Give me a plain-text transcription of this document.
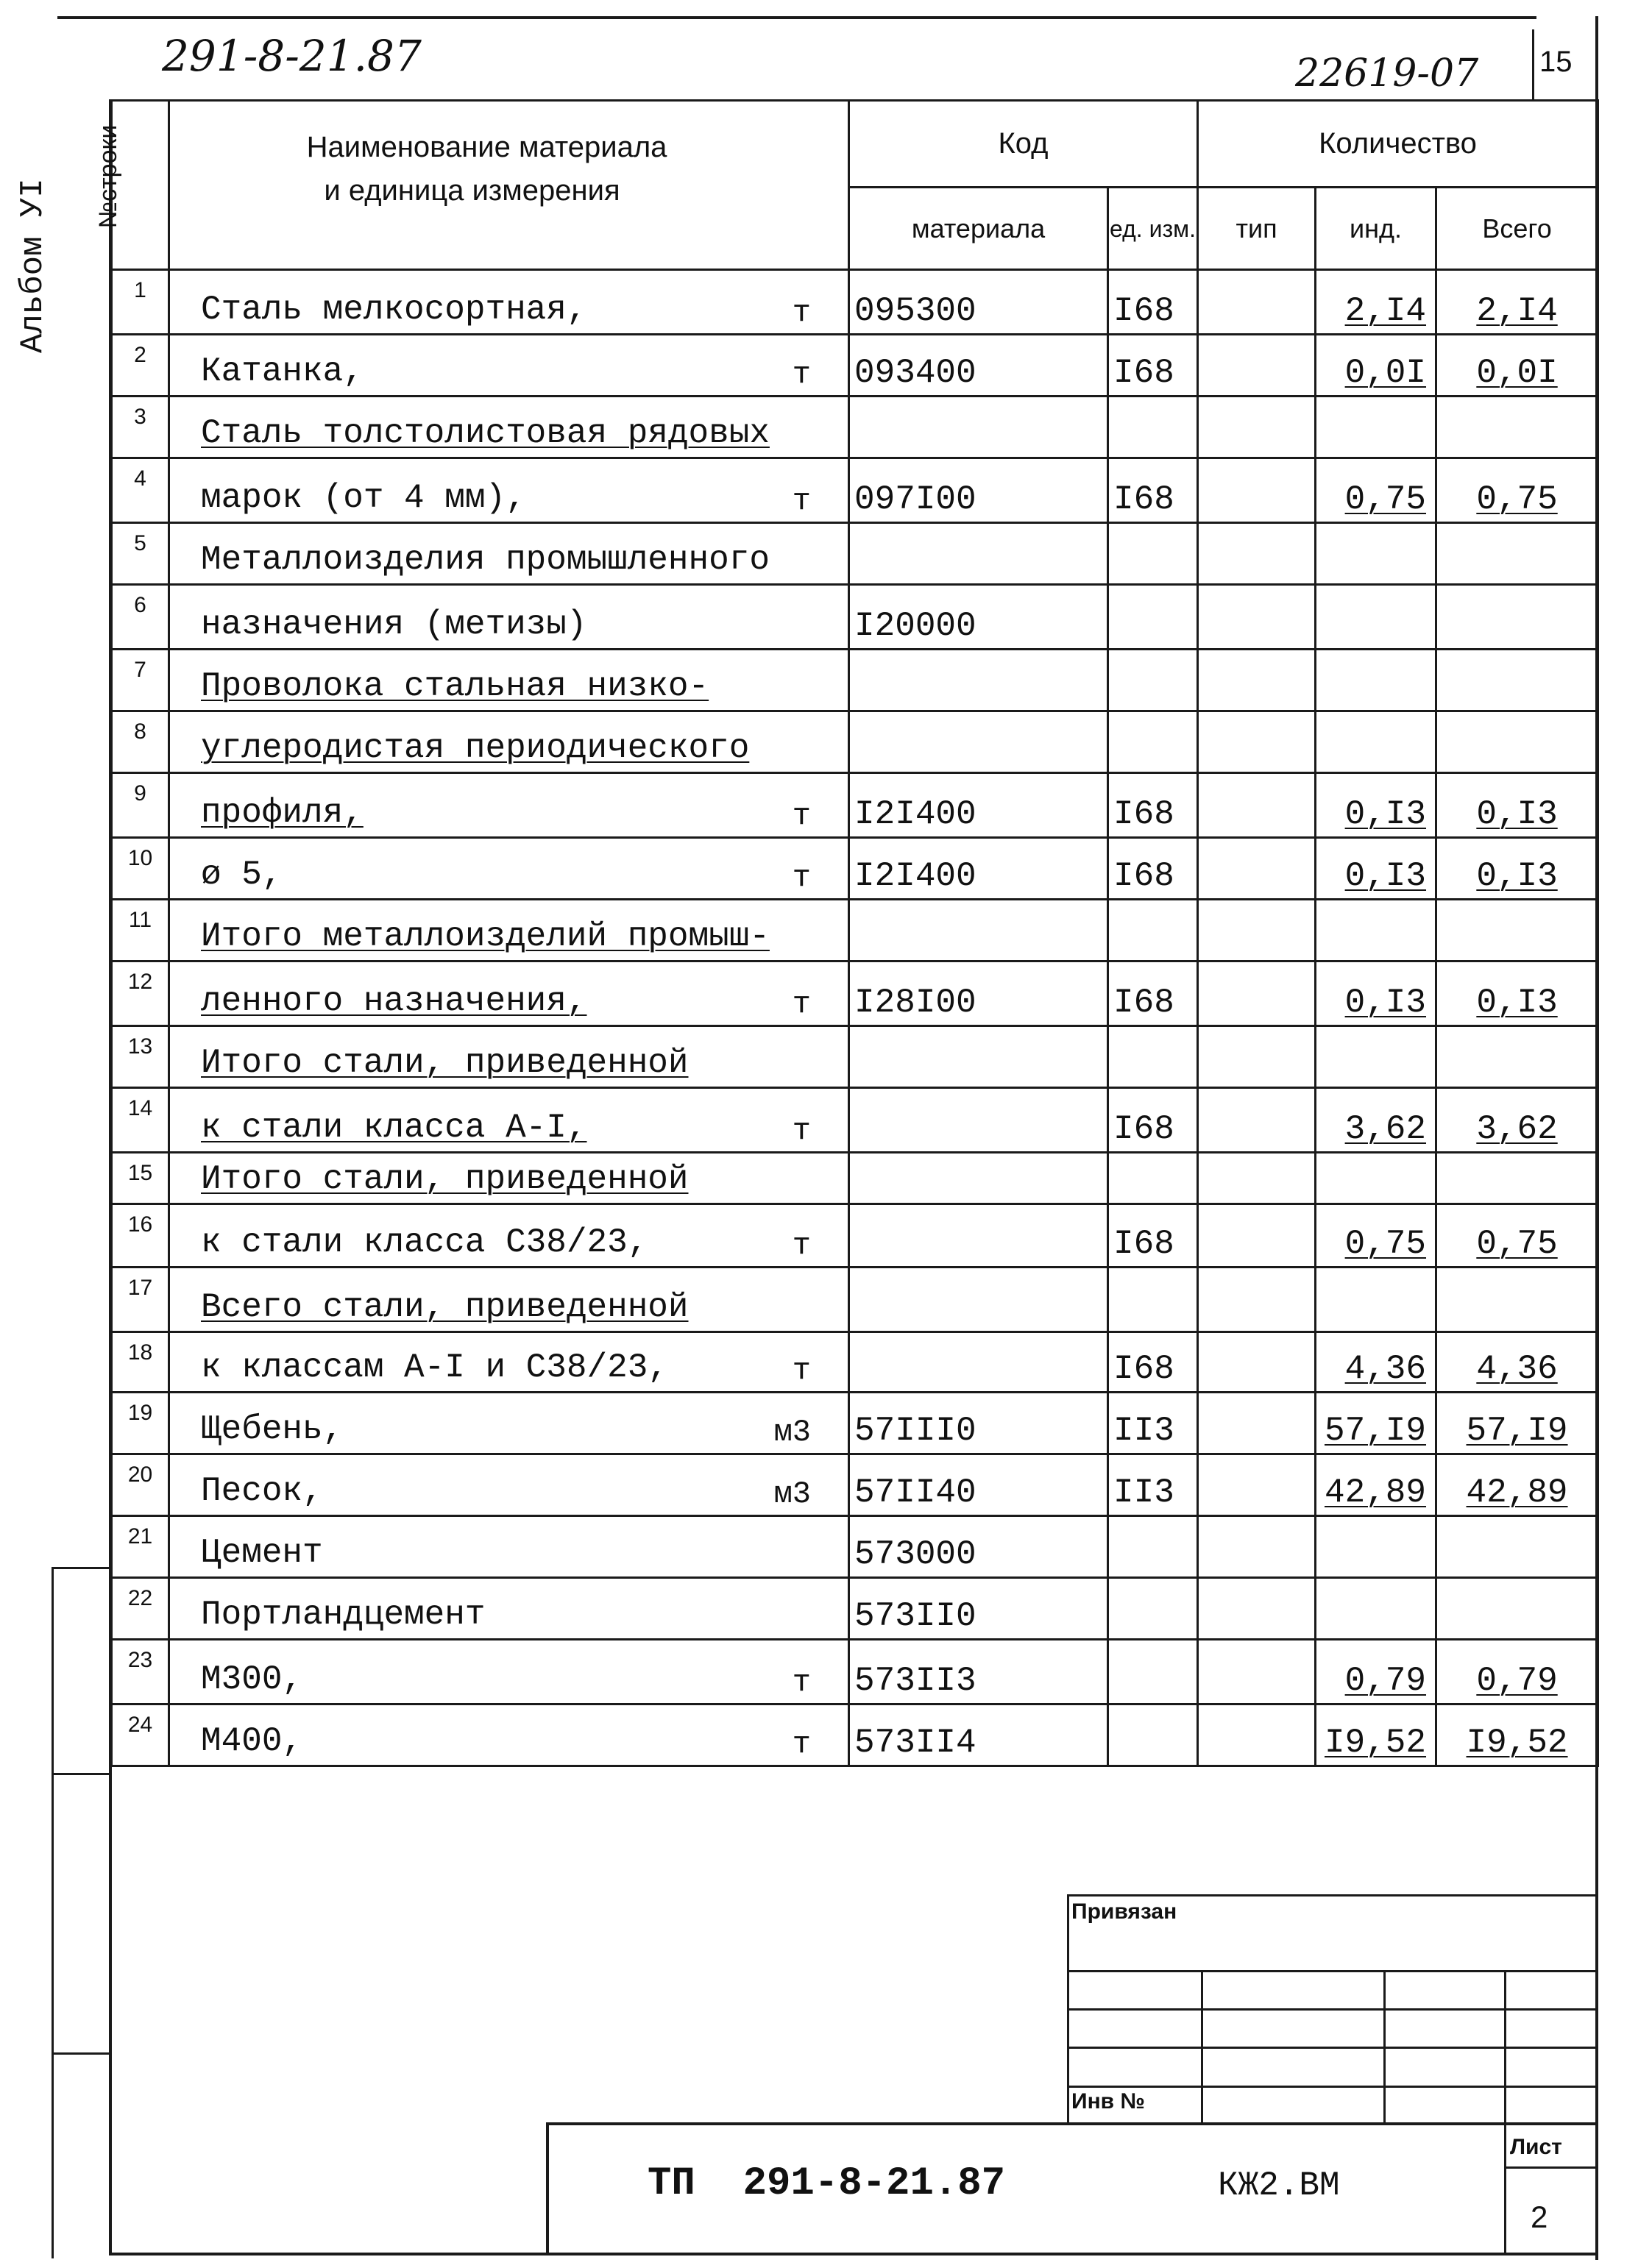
15
291-8-21.87	22619-07
Альбом УI
№строки	Наименование материала
и единица измерения	Код		Количество		
		материала	ед. изм.	тип	инд.	Всего
1	Сталь мелкосортная, т	095300	I68		2,I4	2,I4
2	Катанка, т	093400	I68		0,0I	0,0I
3	Сталь толстолистовая рядовых					

4	марок (от 4 мм), т	097I00	I68		0,75	0,75
5	Металлоизделия промышленного					

6	назначения (метизы)	I20000				
7	Проволока стальная низко-					

8	углеродистая периодического					

9	профиля, т	I2I400	I68		0,I3	0,I3
10	ø 5, т	I2I400	I68		0,I3	0,I3
11	Итого металлоизделий промыш-					

12	ленного назначения, т	I28I00	I68		0,I3	0,I3
13	Итого стали, приведенной					

14	к стали класса А-I, т		I68		3,62	3,62
15	Итого стали, приведенной					

16	к стали класса С38/23, т		I68		0,75	0,75
17	Всего стали, приведенной					

18	к классам А-I и С38/23, т		I68		4,36	4,36
19	Щебень, м3	57III0	II3		57,I9	57,I9
20	Песок, м3	57II40	II3		42,89	42,89
21	Цемент	573000				
22	Портландцемент	573II0				
23	М300, т	573II3			0,79	0,79
24	М400, т	573II4			I9,52	I9,52
Привязан
Инв №
ТП  291-8-21.87	КЖ2.ВМ
Лист
2
